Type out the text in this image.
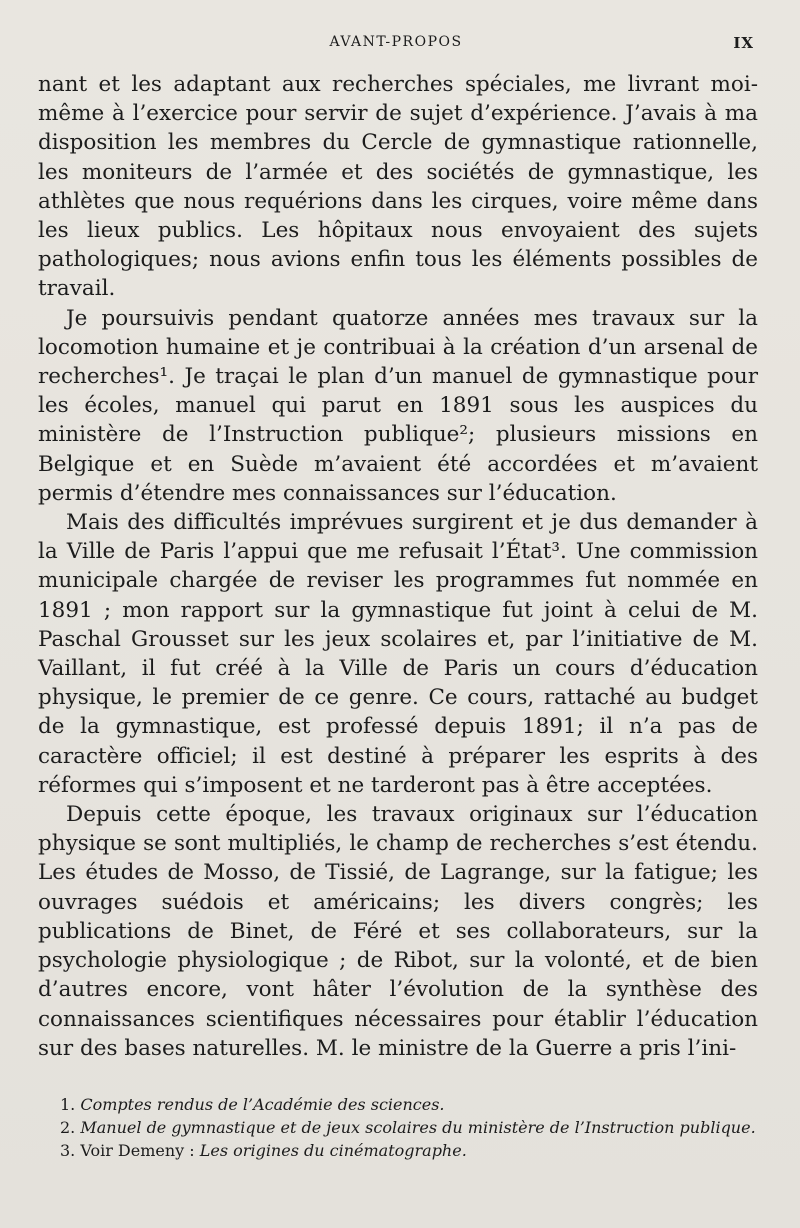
AVANT-PROPOS	IX

nant et les adaptant aux recherches spéciales, me livrant moi-même à l’exercice pour servir de sujet d’expérience. J’avais à ma disposition les membres du Cercle de gymnastique rationnelle, les moniteurs de l’armée et des sociétés de gymnastique, les athlètes que nous requérions dans les cirques, voire même dans les lieux publics. Les hôpitaux nous envoyaient des sujets pathologiques; nous avions enfin tous les éléments possibles de travail.

Je poursuivis pendant quatorze années mes travaux sur la locomotion humaine et je contribuai à la création d’un arsenal de recherches¹. Je traçai le plan d’un manuel de gymnastique pour les écoles, manuel qui parut en 1891 sous les auspices du ministère de l’Instruction publique²; plusieurs missions en Belgique et en Suède m’avaient été accordées et m’avaient permis d’étendre mes connaissances sur l’éducation.

Mais des difficultés imprévues surgirent et je dus demander à la Ville de Paris l’appui que me refusait l’État³. Une commission municipale chargée de reviser les programmes fut nommée en 1891 ; mon rapport sur la gymnastique fut joint à celui de M. Paschal Grousset sur les jeux scolaires et, par l’initiative de M. Vaillant, il fut créé à la Ville de Paris un cours d’éducation physique, le premier de ce genre. Ce cours, rattaché au budget de la gymnastique, est professé depuis 1891; il n’a pas de caractère officiel; il est destiné à préparer les esprits à des réformes qui s’imposent et ne tarderont pas à être acceptées.

Depuis cette époque, les travaux originaux sur l’éducation physique se sont multipliés, le champ de recherches s’est étendu. Les études de Mosso, de Tissié, de Lagrange, sur la fatigue; les ouvrages suédois et américains; les divers congrès; les publications de Binet, de Féré et ses collaborateurs, sur la psychologie physiologique ; de Ribot, sur la volonté, et de bien d’autres encore, vont hâter l’évolution de la synthèse des connaissances scientifiques nécessaires pour établir l’éducation sur des bases naturelles. M. le ministre de la Guerre a pris l’ini-

1. Comptes rendus de l’Académie des sciences.

2. Manuel de gymnastique et de jeux scolaires du ministère de l’Instruction publique.

3. Voir Demeny : Les origines du cinématographe.
